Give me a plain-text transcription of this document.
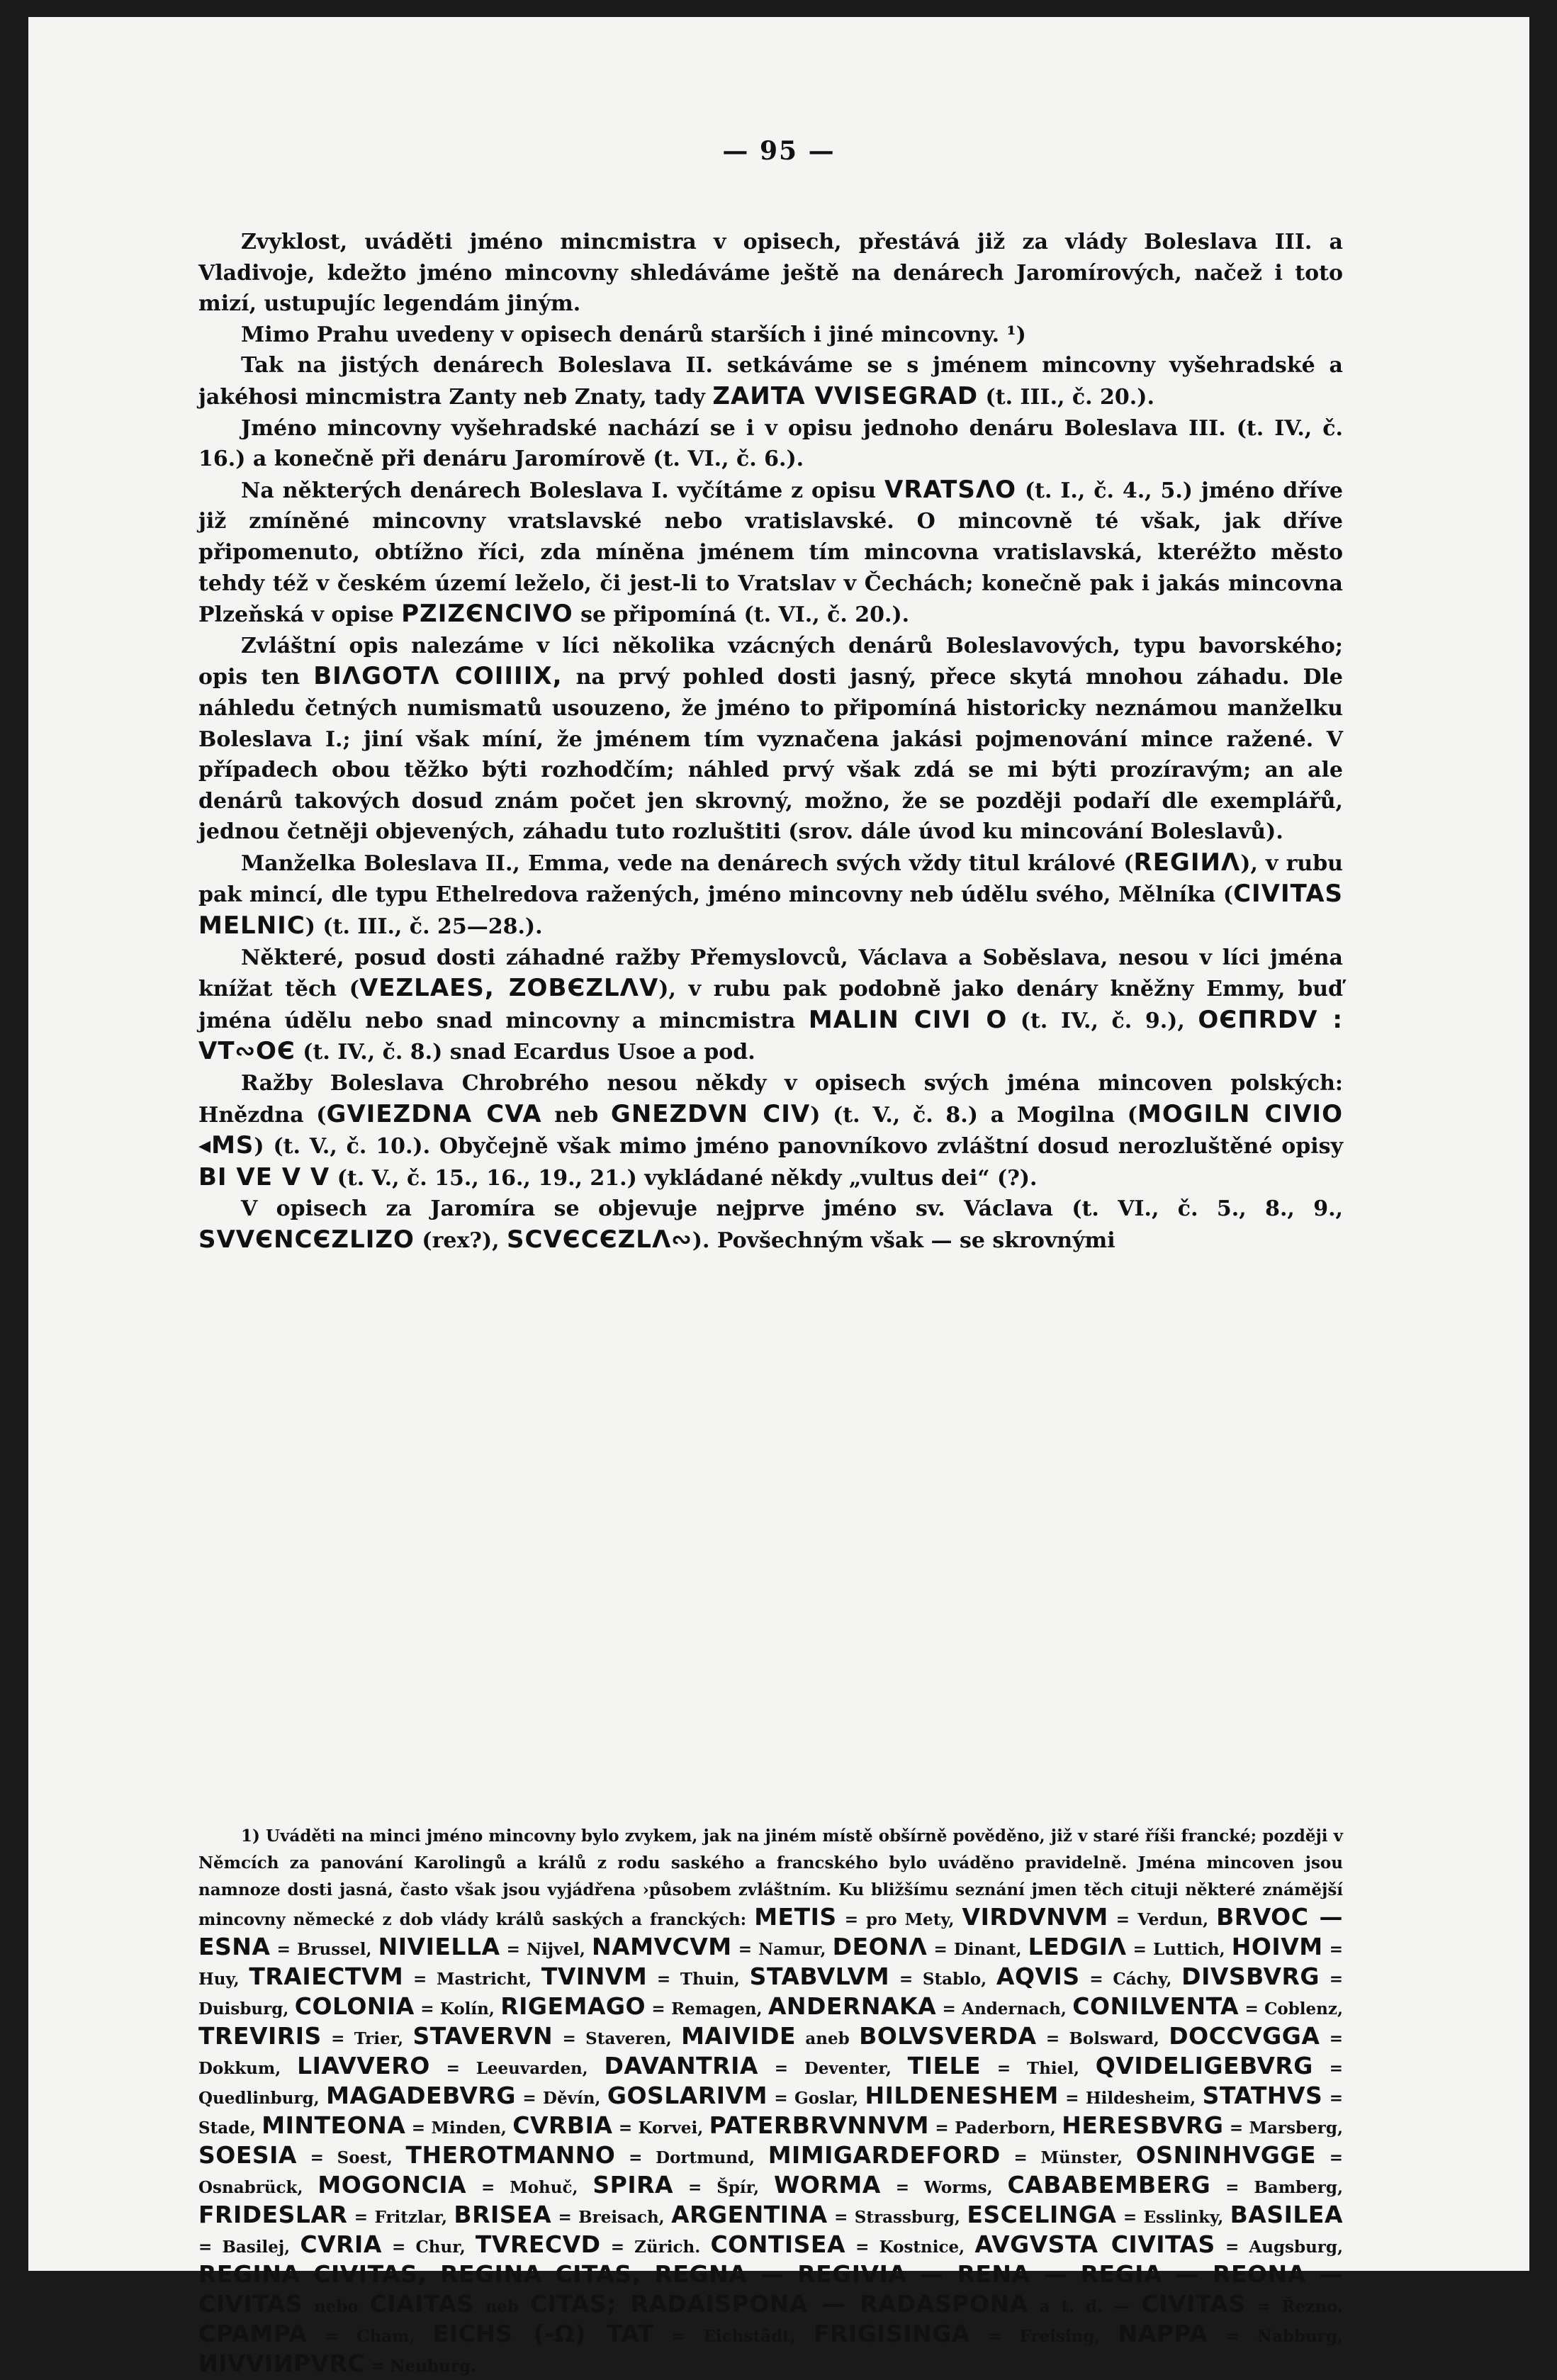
— 95 —

Zvyklost, uváděti jméno mincmistra v opisech, přestává již za vlády Boleslava III. a Vladivoje, kdežto jméno mincovny shledáváme ještě na denárech Jaromírových, načež i toto mizí, ustupujíc legendám jiným.

Mimo Prahu uvedeny v opisech denárů starších i jiné mincovny. ¹)

Tak na jistých denárech Boleslava II. setkáváme se s jménem mincovny vyšehradské a jakéhosi mincmistra Zanty neb Znaty, tady ZAИTA VVISEGRAD (t. III., č. 20.).

Jméno mincovny vyšehradské nachází se i v opisu jednoho denáru Boleslava III. (t. IV., č. 16.) a konečně při denáru Jaromírově (t. VI., č. 6.).

Na některých denárech Boleslava I. vyčítáme z opisu VRATSΛO (t. I., č. 4., 5.) jméno dříve již zmíněné mincovny vratslavské nebo vratislavské. O mincovně té však, jak dříve připomenuto, obtížno říci, zda míněna jménem tím mincovna vratislavská, kteréžto město tehdy též v českém území leželo, či jest-li to Vratslav v Čechách; konečně pak i jakás mincovna Plzeňská v opise PZIZЄNCIVO se připomíná (t. VI., č. 20.).

Zvláštní opis nalezáme v líci několika vzácných denárů Boleslavových, typu bavorského; opis ten BIΛGOTΛ COIIIIX, na prvý pohled dosti jasný, přece skytá mnohou záhadu. Dle náhledu četných numismatů usouzeno, že jméno to připomíná historicky neznámou manželku Boleslava I.; jiní však míní, že jménem tím vyznačena jakási pojmenování mince ražené. V případech obou těžko býti rozhodčím; náhled prvý však zdá se mi býti prozíravým; an ale denárů takových dosud znám počet jen skrovný, možno, že se později podaří dle exemplářů, jednou četněji objevených, záhadu tuto rozluštiti (srov. dále úvod ku mincování Boleslavů).

Manželka Boleslava II., Emma, vede na denárech svých vždy titul králové (REGIИΛ), v rubu pak mincí, dle typu Ethelredova ražených, jméno mincovny neb údělu svého, Mělníka (CIVITAS MELNIC) (t. III., č. 25—28.).

Některé, posud dosti záhadné ražby Přemyslovců, Václava a Soběslava, nesou v líci jména knížat těch (VEZLAES, ZOBЄZLΛV), v rubu pak podobně jako denáry kněžny Emmy, buď jména údělu nebo snad mincovny a mincmistra MALIN CIVI O (t. IV., č. 9.), OЄΠRDV : VT∾OЄ (t. IV., č. 8.) snad Ecardus Usoe a pod.

Ražby Boleslava Chrobrého nesou někdy v opisech svých jména mincoven polských: Hnězdna (GVIEZDNA CVA neb GNEZDVN CIV) (t. V., č. 8.) a Mogilna (MOGILN CIVIO ◂MS) (t. V., č. 10.). Obyčejně však mimo jméno panovníkovo zvláštní dosud nerozluštěné opisy BI VE V V (t. V., č. 15., 16., 19., 21.) vykládané někdy „vultus dei“ (?).

V opisech za Jaromíra se objevuje nejprve jméno sv. Václava (t. VI., č. 5., 8., 9., SVVЄNCЄZLIZO (rex?), SCVЄCЄZLΛ∾). Povšechným však — se skrovnými

1) Uváděti na minci jméno mincovny bylo zvykem, jak na jiném místě obšírně pověděno, již v staré říši francké; později v Němcích za panování Karolingů a králů z rodu saského a francského bylo uváděno pravidelně. Jména mincoven jsou namnoze dosti jasná, často však jsou vyjádřena ›působem zvláštním. Ku bližšímu seznání jmen těch cituji některé známější mincovny německé z dob vlády králů saských a franckých: METIS = pro Mety, VIRDVNVM = Verdun, BRVOC — ESNA = Brussel, NIVIELLA = Nijvel, NAMVCVM = Namur, DEONΛ = Dinant, LEDGIΛ = Luttich, HOIVM = Huy, TRAIECTVM = Mastricht, TVINVM = Thuin, STABVLVM = Stablo, AQVIS = Cáchy, DIVSBVRG = Duisburg, COLONIA = Kolín, RIGEMAGO = Remagen, ANDERNAKA = Andernach, CONILVENTA = Coblenz, TREVIRIS = Trier, STAVERVN = Staveren, MAIVIDE aneb BOLVSVERDA = Bolsward, DOCCVGGA = Dokkum, LIAVVERO = Leeuvarden, DAVANTRIA = Deventer, TIELE = Thiel, QVIDELIGEBVRG = Quedlinburg, MAGADEBVRG = Děvín, GOSLARIVM = Goslar, HILDENESHEM = Hildesheim, STATHVS = Stade, MINTEONA = Minden, CVRBIA = Korvei, PATERBRVNNVM = Paderborn, HERESBVRG = Marsberg, SOESIA = Soest, THEROTMANNO = Dortmund, MIMIGARDEFORD = Münster, OSNINHVGGE = Osnabrück, MOGONCIA = Mohuč, SPIRA = Špír, WORMA = Worms, CABABEMBERG = Bamberg, FRIDESLAR = Fritzlar, BRISEA = Breisach, ARGENTINA = Strassburg, ESCELINGA = Esslinky, BASILEA = Basilej, CVRIA = Chur, TVRECVD = Zürich. CONTISEA = Kostnice, AVGVSTA CIVITAS = Augsburg, REGINA CIVITAS, REGINA CITAS, REGNA — REGIVIA — RENA — REGIA — REONA — CIVITAS nebo CIAITAS neb CITAS; RADAISPONA — RADASPONA a t. d. — CIVITAS = Řezno. CPAMPA = Cham, EICHS (-Ω) TAT = Eichstädt, FRIGISINGA = Freising, NAPPA = Nabburg, ИIVVIИPVRC = Neuburg.
